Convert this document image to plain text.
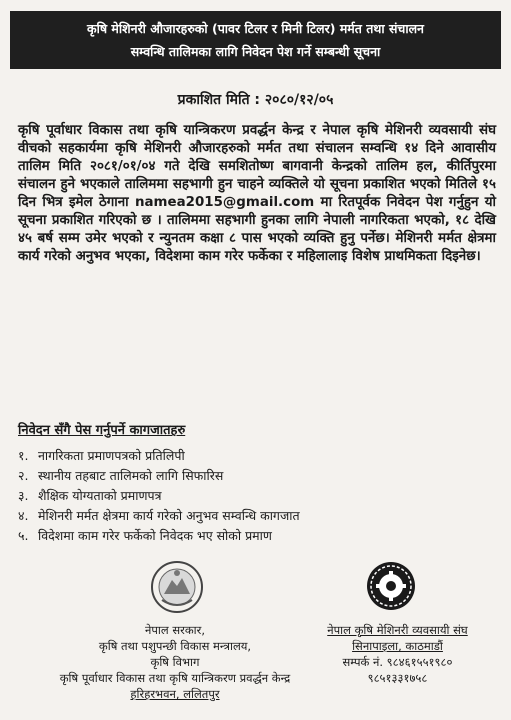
कृषि मेशिनरी औजारहरुको (पावर टिलर र मिनी टिलर) मर्मत तथा संचालन
सम्वन्धि तालिमका लागि निवेदन पेश गर्ने सम्बन्धी सूचना
प्रकाशित मिति : २०८०/१२/०५
कृषि पूर्वाधार विकास तथा कृषि यान्त्रिकरण प्रवर्द्धन केन्द्र र नेपाल कृषि मेशिनरी व्यवसायी संघ वीचको सहकार्यमा कृषि मेशिनरी औजारहरुको मर्मत तथा संचालन सम्वन्धि १४ दिने आवासीय तालिम मिति २०८१/०१/०४ गते देखि समशितोष्ण बागवानी केन्द्रको तालिम हल, कीर्तिपुरमा संचालन हुने भएकाले तालिममा सहभागी हुन चाहने व्यक्तिले यो सूचना प्रकाशित भएको मितिले १५ दिन भित्र इमेल ठेगाना namea2015@gmail.com मा रितपूर्वक निवेदन पेश गर्नुहुन यो सूचना प्रकाशित गरिएको छ । तालिममा सहभागी हुनका लागि नेपाली नागरिकता भएको, १८ देखि ४५ बर्ष सम्म उमेर भएको र न्युनतम कक्षा ८ पास भएको व्यक्ति हुनु पर्नेछ। मेशिनरी मर्मत क्षेत्रमा कार्य गरेको अनुभव भएका, विदेशमा काम गरेर फर्केका र महिलालाइ विशेष प्राथमिकता दिइनेछ।
निवेदन सँगै पेस गर्नुपर्ने कागजातहरु
१. नागरिकता प्रमाणपत्रको प्रतिलिपी
२. स्थानीय तहबाट तालिमको लागि सिफारिस
३. शैक्षिक योग्यताको प्रमाणपत्र
४. मेशिनरी मर्मत क्षेत्रमा कार्य गरेको अनुभव सम्वन्धि कागजात
५. विदेशमा काम गरेर फर्केको निवेदक भए सोको प्रमाण
नेपाल सरकार,
कृषि तथा पशुपन्छी विकास मन्त्रालय,
कृषि विभाग
कृषि पूर्वाधार विकास तथा कृषि यान्त्रिकरण प्रवर्द्धन केन्द्र
हरिहरभवन, ललितपुर
नेपाल कृषि मेशिनरी व्यवसायी संघ
सिनापाइला, काठमाडौं
सम्पर्क नं. ९८४६१५५१९८०
९८५१३३१७५८
